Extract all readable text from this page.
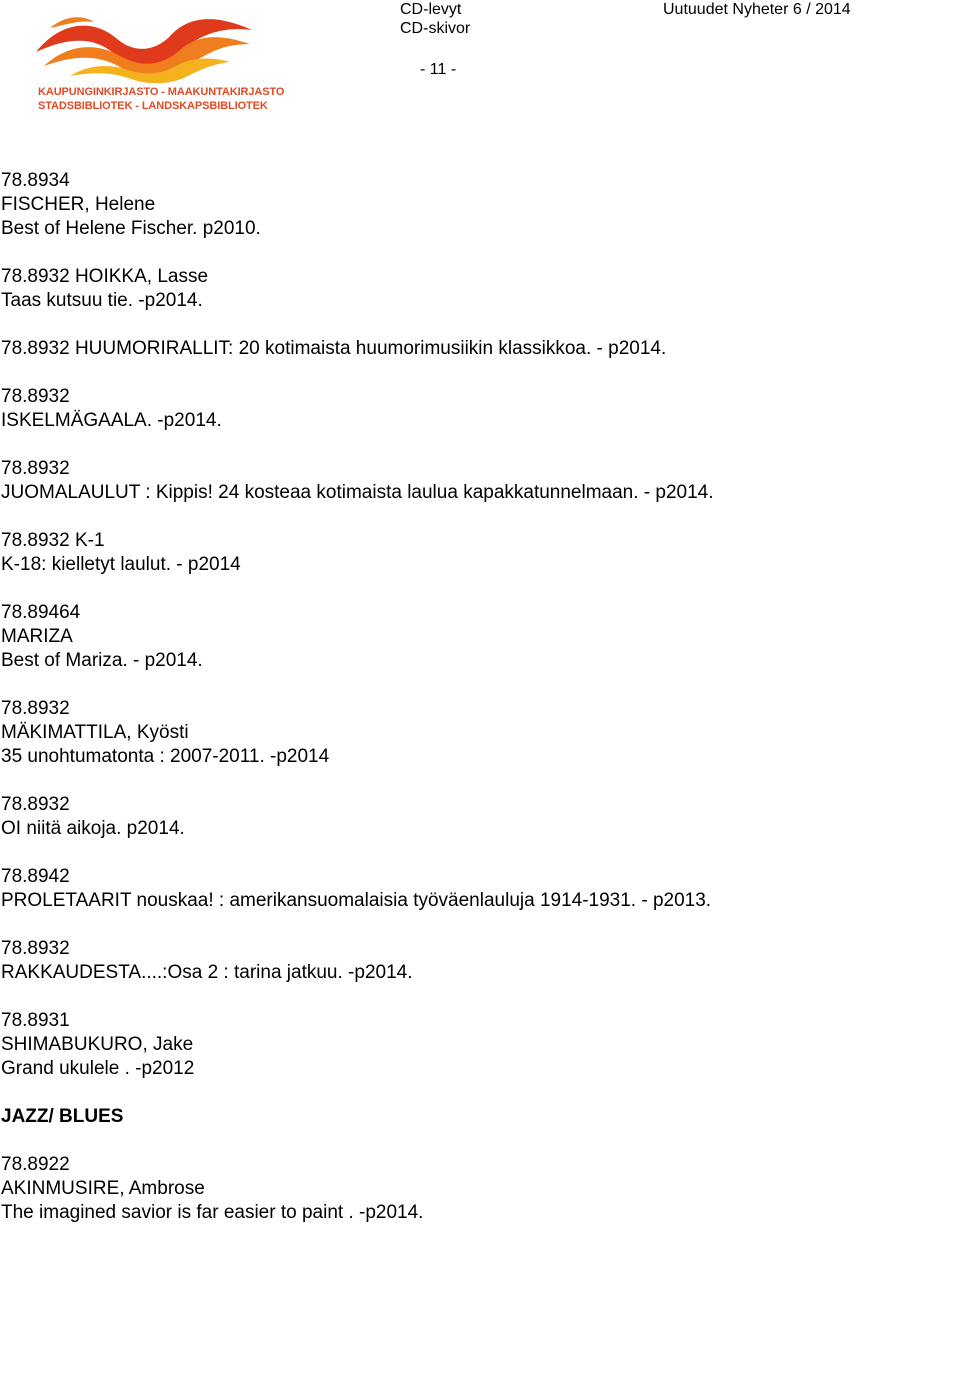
KAUPUNGINKIRJASTO - MAAKUNTAKIRJASTO
STADSBIBLIOTEK - LANDSKAPSBIBLIOTEK
CD-levyt
CD-skivor
Uutuudet Nyheter 6 / 2014
- 11 -
78.8934
FISCHER, Helene
Best of Helene Fischer. p2010.
78.8932 HOIKKA, Lasse
Taas kutsuu tie. -p2014.
78.8932 HUUMORIRALLIT: 20 kotimaista huumorimusiikin klassikkoa. - p2014.
78.8932
ISKELMÄGAALA. -p2014.
78.8932
JUOMALAULUT : Kippis! 24 kosteaa kotimaista laulua kapakkatunnelmaan. - p2014.
78.8932 K-1
K-18: kielletyt laulut. - p2014
78.89464
MARIZA
Best of Mariza. - p2014.
78.8932
MÄKIMATTILA, Kyösti
35 unohtumatonta : 2007-2011. -p2014
78.8932
OI niitä aikoja. p2014.
78.8942
PROLETAARIT nouskaa! : amerikansuomalaisia työväenlauluja 1914-1931. - p2013.
78.8932
RAKKAUDESTA....:Osa 2 : tarina jatkuu. -p2014.
78.8931
SHIMABUKURO, Jake
Grand ukulele . -p2012
JAZZ/ BLUES
78.8922
AKINMUSIRE, Ambrose
The imagined savior is far easier to paint . -p2014.
